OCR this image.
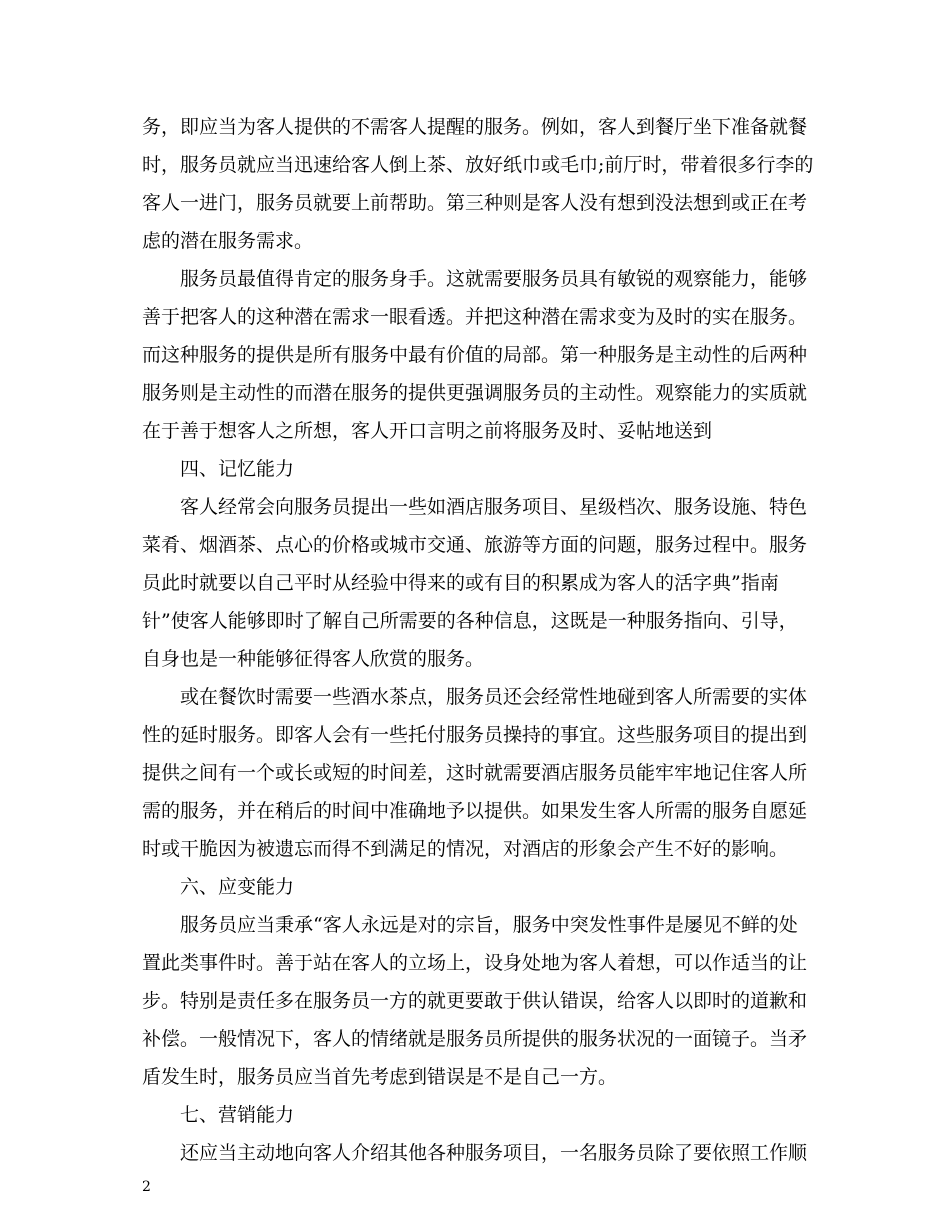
务，即应当为客人提供的不需客人提醒的服务。例如，客人到餐厅坐下准备就餐
时，服务员就应当迅速给客人倒上茶、放好纸巾或毛巾;前厅时，带着很多行李的
客人一进门，服务员就要上前帮助。第三种则是客人没有想到没法想到或正在考
虑的潜在服务需求。
服务员最值得肯定的服务身手。这就需要服务员具有敏锐的观察能力，能够
善于把客人的这种潜在需求一眼看透。并把这种潜在需求变为及时的实在服务。
而这种服务的提供是所有服务中最有价值的局部。第一种服务是主动性的后两种
服务则是主动性的而潜在服务的提供更强调服务员的主动性。观察能力的实质就
在于善于想客人之所想，客人开口言明之前将服务及时、妥帖地送到
四、记忆能力
客人经常会向服务员提出一些如酒店服务项目、星级档次、服务设施、特色
菜肴、烟酒茶、点心的价格或城市交通、旅游等方面的问题，服务过程中。服务
员此时就要以自己平时从经验中得来的或有目的积累成为客人的活字典”指南
针”使客人能够即时了解自己所需要的各种信息，这既是一种服务指向、引导，
自身也是一种能够征得客人欣赏的服务。
或在餐饮时需要一些酒水茶点，服务员还会经常性地碰到客人所需要的实体
性的延时服务。即客人会有一些托付服务员操持的事宜。这些服务项目的提出到
提供之间有一个或长或短的时间差，这时就需要酒店服务员能牢牢地记住客人所
需的服务，并在稍后的时间中准确地予以提供。如果发生客人所需的服务自愿延
时或干脆因为被遗忘而得不到满足的情况，对酒店的形象会产生不好的影响。
六、应变能力
服务员应当秉承“客人永远是对的宗旨，服务中突发性事件是屡见不鲜的处
置此类事件时。善于站在客人的立场上，设身处地为客人着想，可以作适当的让
步。特别是责任多在服务员一方的就更要敢于供认错误，给客人以即时的道歉和
补偿。一般情况下，客人的情绪就是服务员所提供的服务状况的一面镜子。当矛
盾发生时，服务员应当首先考虑到错误是不是自己一方。
七、营销能力
还应当主动地向客人介绍其他各种服务项目，一名服务员除了要依照工作顺
2
